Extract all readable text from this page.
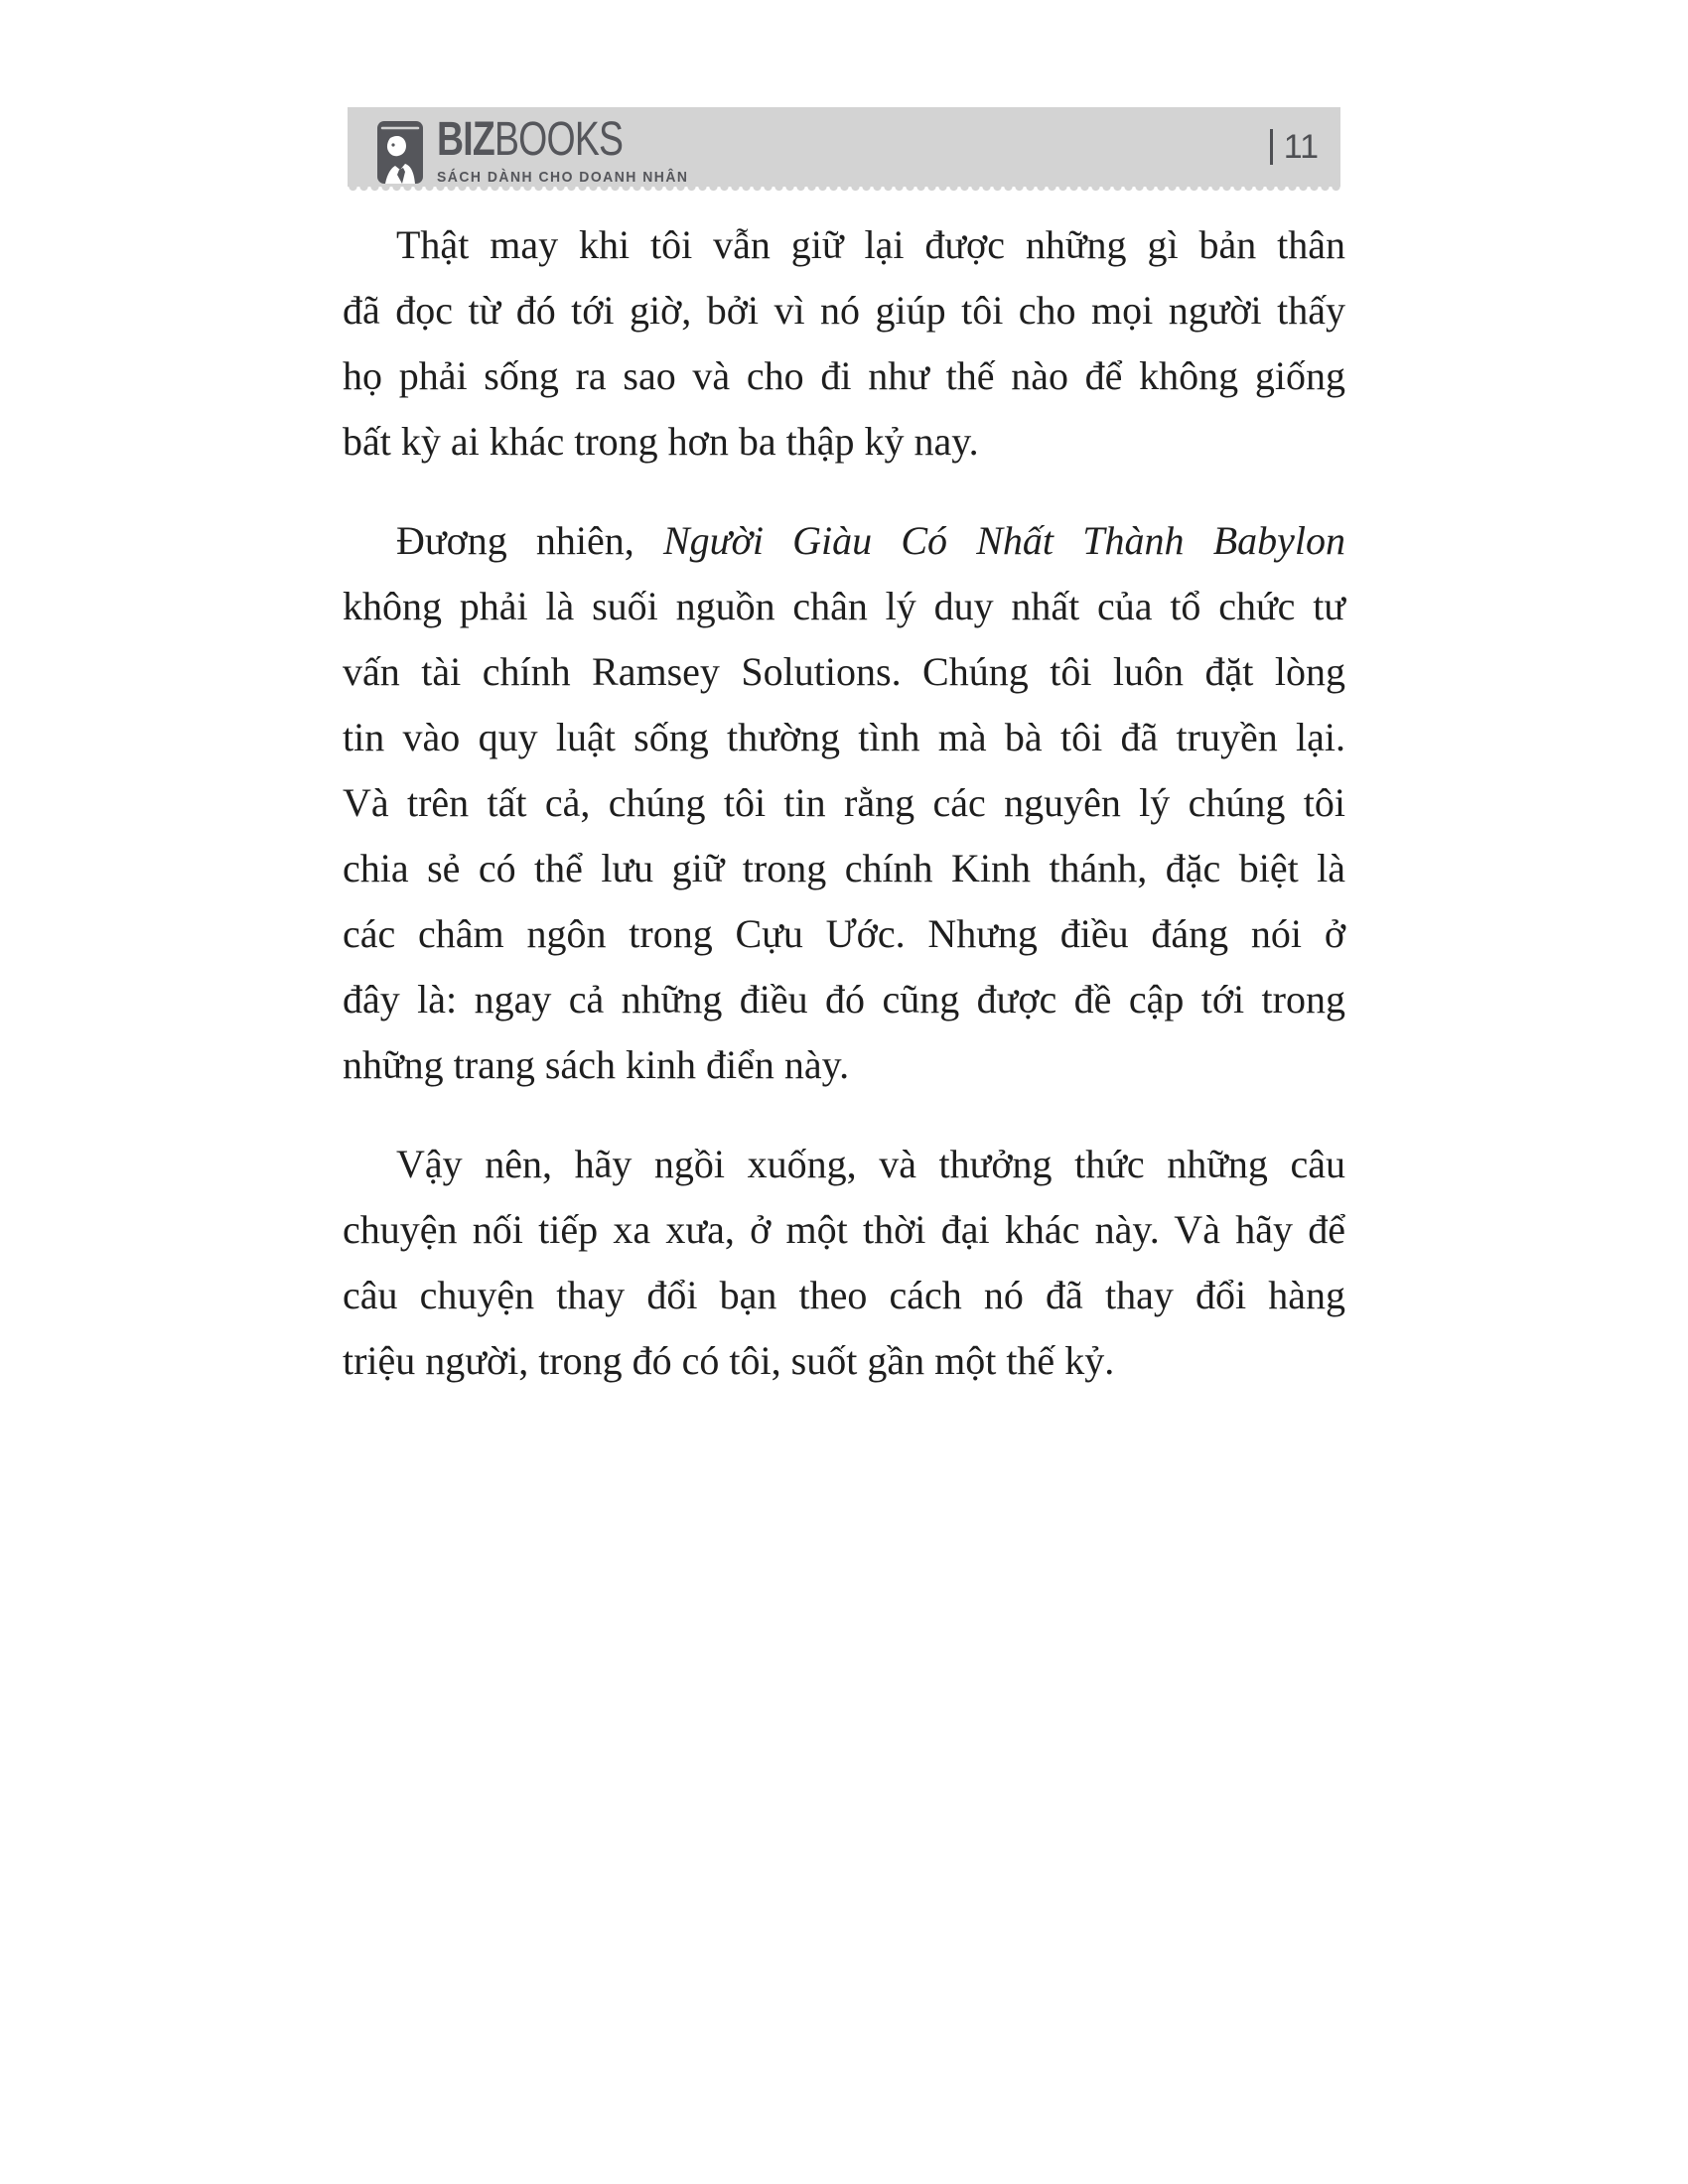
BIZBOOKS
SÁCH DÀNH CHO DOANH NHÂN
11
Thật may khi tôi vẫn giữ lại được những gì bản thân
đã đọc từ đó tới giờ, bởi vì nó giúp tôi cho mọi người thấy
họ phải sống ra sao và cho đi như thế nào để không giống
bất kỳ ai khác trong hơn ba thập kỷ nay.
Đương nhiên, Người Giàu Có Nhất Thành Babylon
không phải là suối nguồn chân lý duy nhất của tổ chức tư
vấn tài chính Ramsey Solutions. Chúng tôi luôn đặt lòng
tin vào quy luật sống thường tình mà bà tôi đã truyền lại.
Và trên tất cả, chúng tôi tin rằng các nguyên lý chúng tôi
chia sẻ có thể lưu giữ trong chính Kinh thánh, đặc biệt là
các châm ngôn trong Cựu Ước. Nhưng điều đáng nói ở
đây là: ngay cả những điều đó cũng được đề cập tới trong
những trang sách kinh điển này.
Vậy nên, hãy ngồi xuống, và thưởng thức những câu
chuyện nối tiếp xa xưa, ở một thời đại khác này. Và hãy để
câu chuyện thay đổi bạn theo cách nó đã thay đổi hàng
triệu người, trong đó có tôi, suốt gần một thế kỷ.
